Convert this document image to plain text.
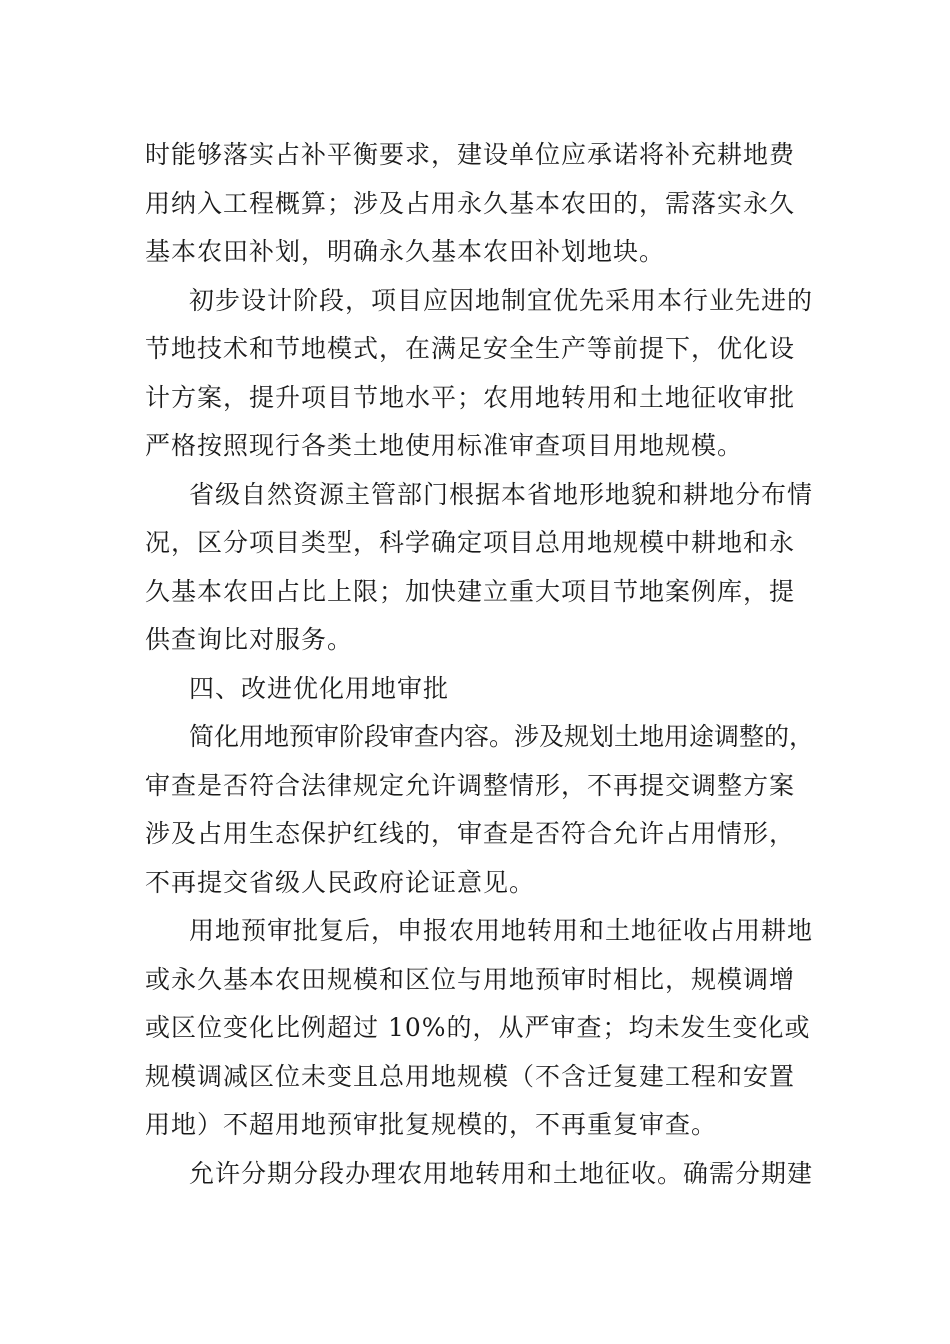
时能够落实占补平衡要求，建设单位应承诺将补充耕地费
用纳入工程概算；涉及占用永久基本农田的，需落实永久
基本农田补划，明确永久基本农田补划地块。
初步设计阶段，项目应因地制宜优先采用本行业先进的
节地技术和节地模式，在满足安全生产等前提下，优化设
计方案，提升项目节地水平；农用地转用和土地征收审批
严格按照现行各类土地使用标准审查项目用地规模。
省级自然资源主管部门根据本省地形地貌和耕地分布情
况，区分项目类型，科学确定项目总用地规模中耕地和永
久基本农田占比上限；加快建立重大项目节地案例库，提
供查询比对服务。
四、改进优化用地审批
简化用地预审阶段审查内容。涉及规划土地用途调整的，
审查是否符合法律规定允许调整情形，不再提交调整方案
涉及占用生态保护红线的，审查是否符合允许占用情形，
不再提交省级人民政府论证意见。
用地预审批复后，申报农用地转用和土地征收占用耕地
或永久基本农田规模和区位与用地预审时相比，规模调增
或区位变化比例超过 10%的，从严审查；均未发生变化或
规模调减区位未变且总用地规模（不含迁复建工程和安置
用地）不超用地预审批复规模的，不再重复审查。
允许分期分段办理农用地转用和土地征收。确需分期建
